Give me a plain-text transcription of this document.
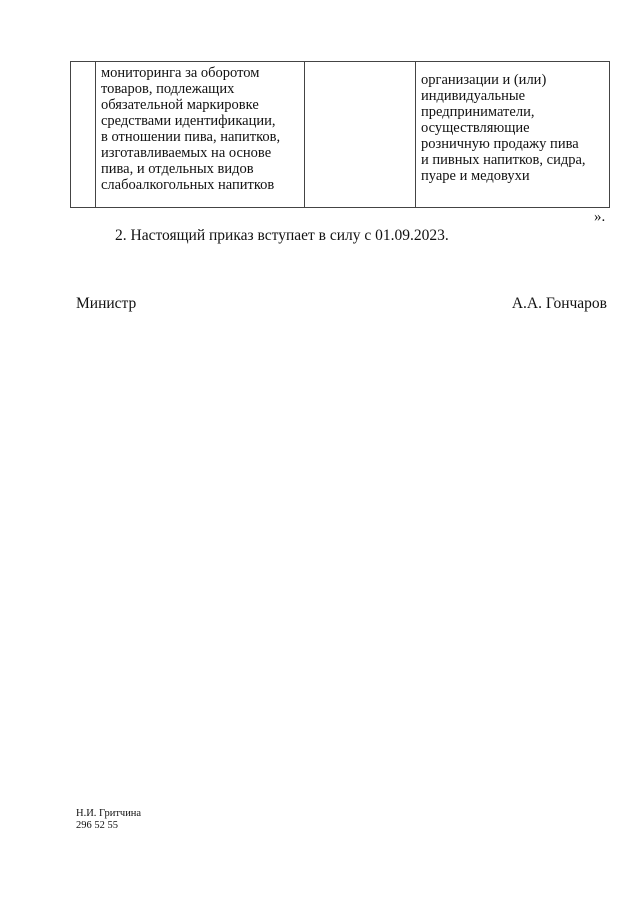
мониторинга за оборотом
товаров, подлежащих
обязательной маркировке
средствами идентификации,
в отношении пива, напитков,
изготавливаемых на основе
пива, и отдельных видов
слабоалкогольных напитков
организации и (или)
индивидуальные
предприниматели,
осуществляющие
розничную продажу пива
и пивных напитков, сидра,
пуаре и медовухи
».
2. Настоящий приказ вступает в силу с 01.09.2023.
Министр	А.А. Гончаров
Н.И. Гритчина
296 52 55
